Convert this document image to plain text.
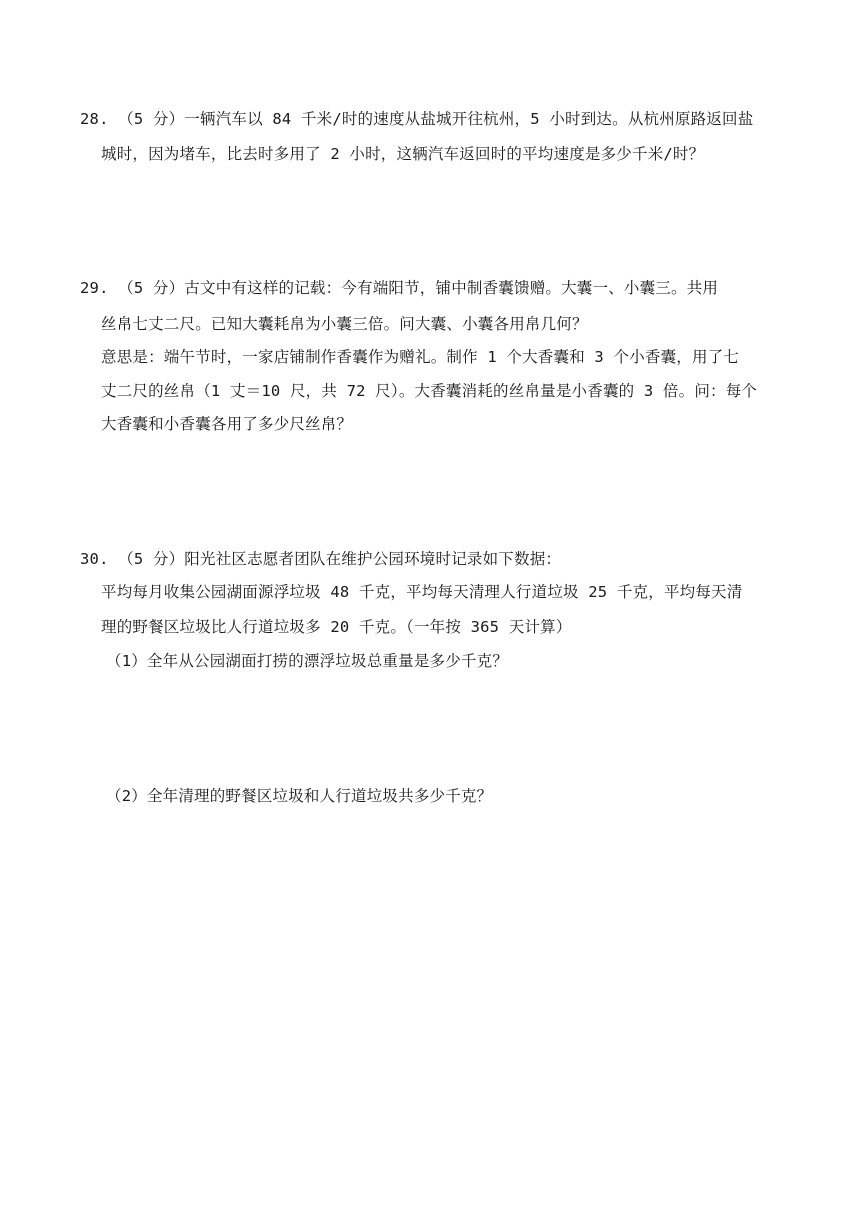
28. （5 分）一辆汽车以 84 千米/时的速度从盐城开往杭州，5 小时到达。从杭州原路返回盐
城时，因为堵车，比去时多用了 2 小时，这辆汽车返回时的平均速度是多少千米/时？
29. （5 分）古文中有这样的记载：今有端阳节，铺中制香囊馈赠。大囊一、小囊三。共用
丝帛七丈二尺。已知大囊耗帛为小囊三倍。问大囊、小囊各用帛几何？
意思是：端午节时，一家店铺制作香囊作为赠礼。制作 1 个大香囊和 3 个小香囊，用了七
丈二尺的丝帛（1 丈＝10 尺，共 72 尺）。大香囊消耗的丝帛量是小香囊的 3 倍。问：每个
大香囊和小香囊各用了多少尺丝帛？
30. （5 分）阳光社区志愿者团队在维护公园环境时记录如下数据：
平均每月收集公园湖面源浮垃圾 48 千克，平均每天清理人行道垃圾 25 千克，平均每天清
理的野餐区垃圾比人行道垃圾多 20 千克。（一年按 365 天计算）
（1）全年从公园湖面打捞的漂浮垃圾总重量是多少千克？
（2）全年清理的野餐区垃圾和人行道垃圾共多少千克？
